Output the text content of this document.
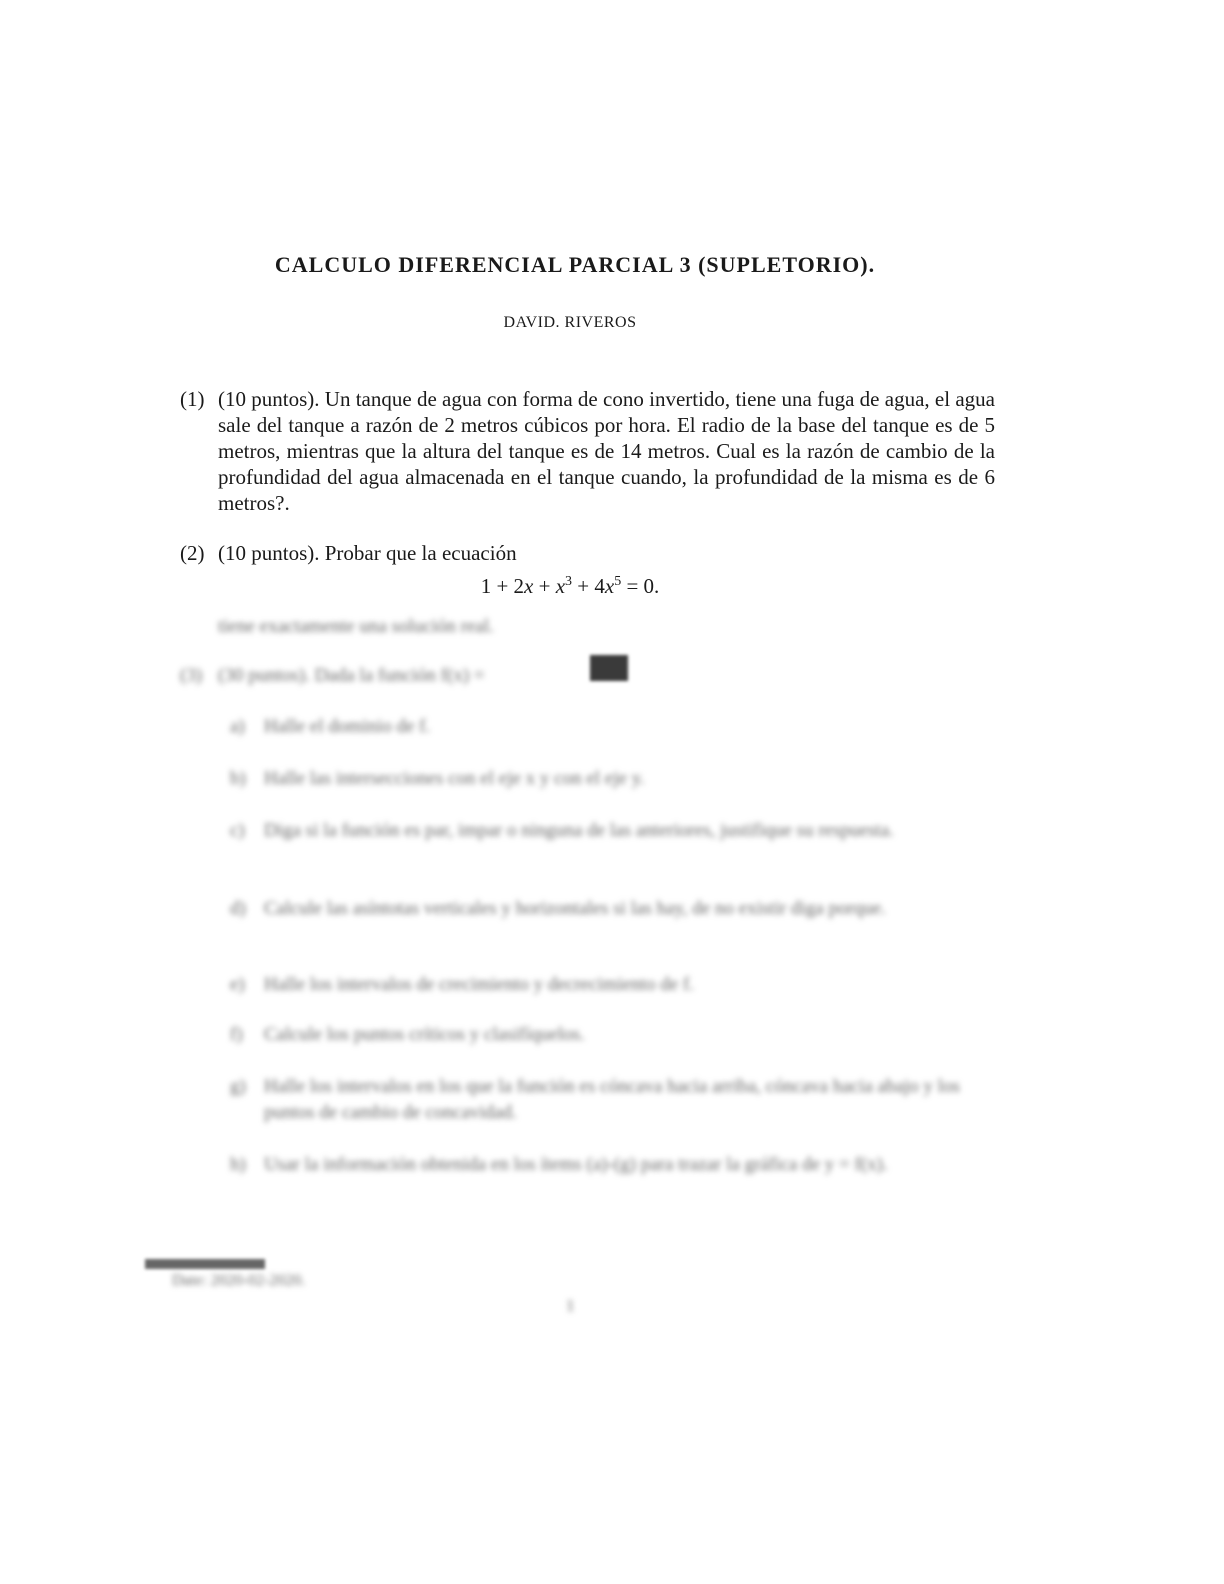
CALCULO DIFERENCIAL PARCIAL 3 (SUPLETORIO).
DAVID. RIVEROS
(1) (10 puntos). Un tanque de agua con forma de cono invertido, tiene una fuga de agua, el agua sale del tanque a razón de 2 metros cúbicos por hora. El radio de la base del tanque es de 5 metros, mientras que la altura del tanque es de 14 metros. Cual es la razón de cambio de la profundidad del agua almacenada en el tanque cuando, la profundidad de la misma es de 6 metros?.
(2) (10 puntos). Probar que la ecuación
$1 + 2x + x^3 + 4x^5 = 0$.
tiene exactamente una solución real.
(3) (30 puntos). Dada la función f(x) =
a) Halle el dominio de f.
b) Halle las intersecciones con el eje x y con el eje y.
c) Diga si la función es par, impar o ninguna de las anteriores, justifique su respuesta.
d) Calcule las asíntotas verticales y horizontales si las hay, de no existir diga porque.
e) Halle los intervalos de crecimiento y decrecimiento de f.
f) Calcule los puntos críticos y clasifíquelos.
g) Halle los intervalos en los que la función es cóncava hacia arriba, cóncava hacia abajo y los puntos de cambio de concavidad.
h) Usar la información obtenida en los ítems (a)-(g) para trazar la gráfica de y = f(x).
Date: 2020-02-2020.
1
